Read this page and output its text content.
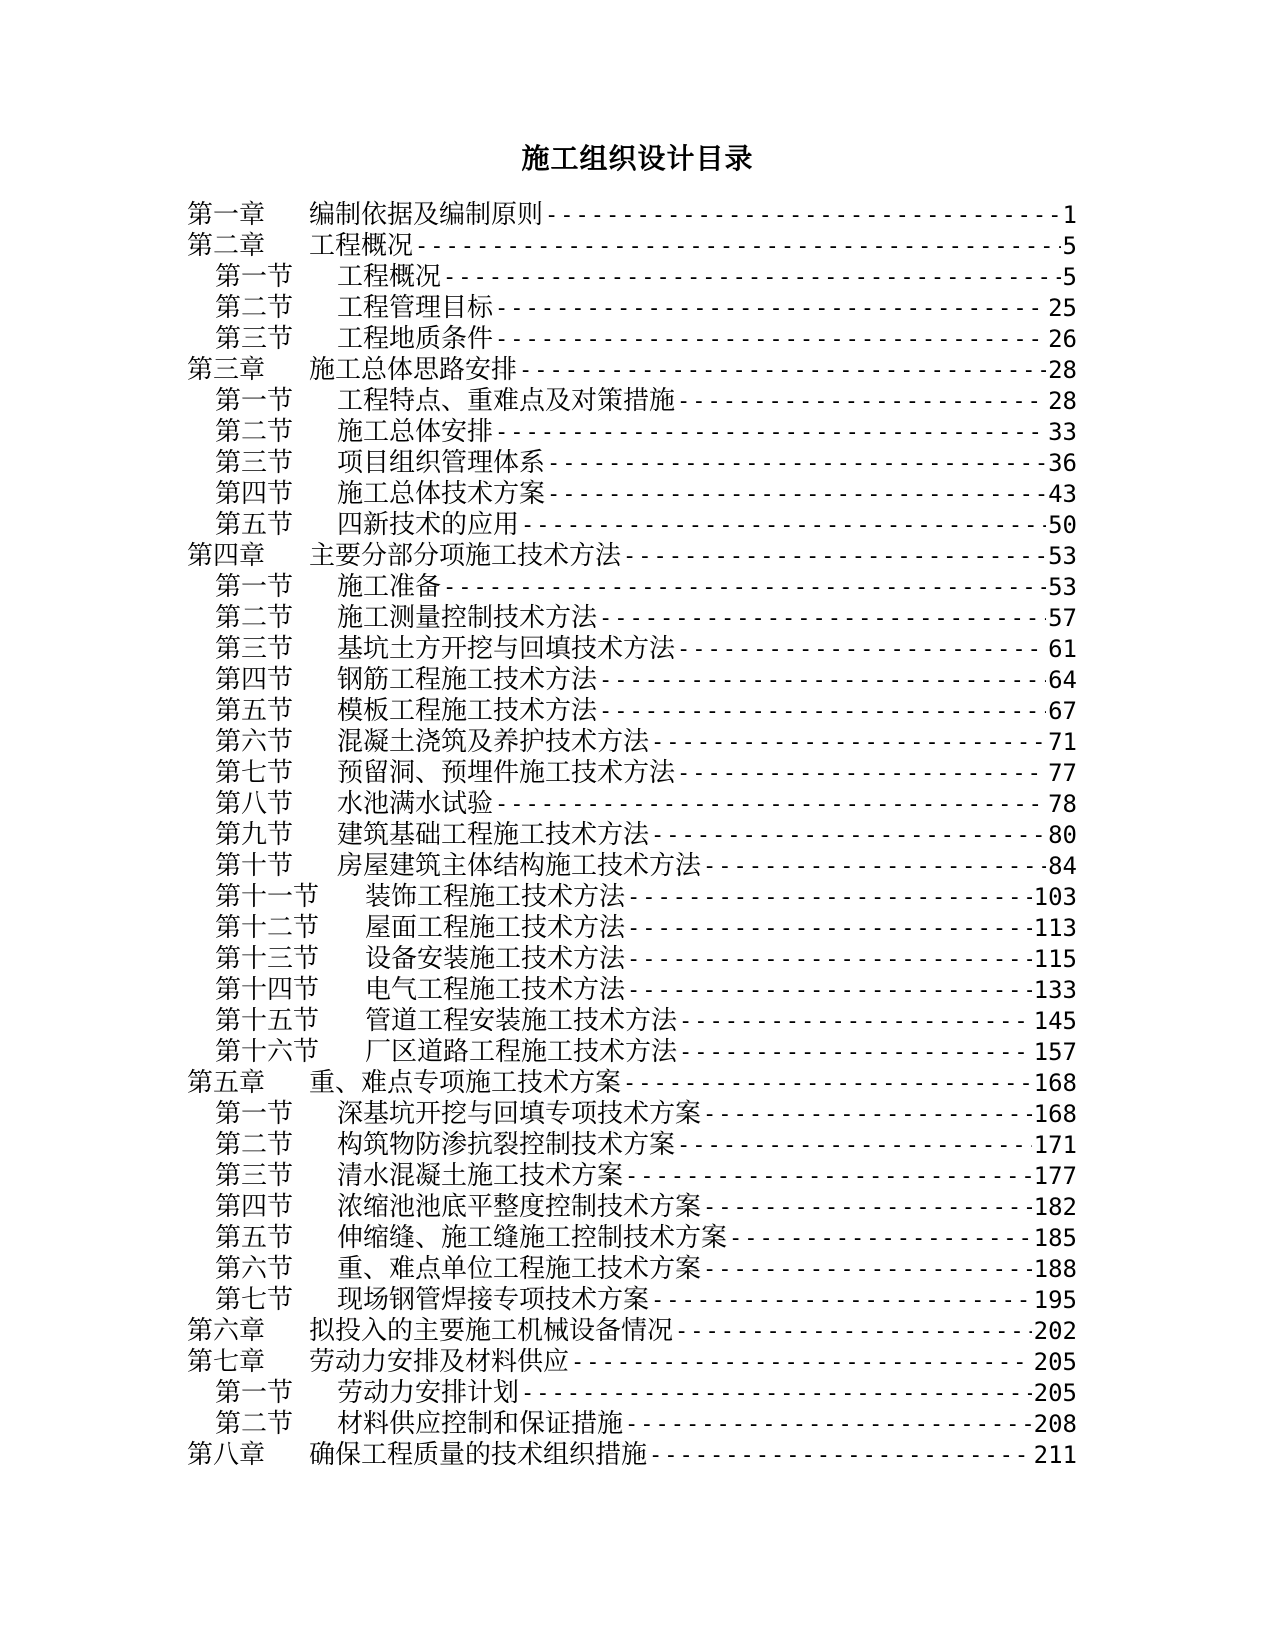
施工组织设计目录
第一章	编制依据及编制原则 -----	1
第二章	工程概况 -----	5
第一节	工程概况 -----	5
第二节	工程管理目标 -----	25
第三节	工程地质条件 -----	26
第三章	施工总体思路安排 -----	28
第一节	工程特点、重难点及对策措施 -----	28
第二节	施工总体安排 -----	33
第三节	项目组织管理体系 -----	36
第四节	施工总体技术方案 -----	43
第五节	四新技术的应用 -----	50
第四章	主要分部分项施工技术方法 -----	53
第一节	施工准备 -----	53
第二节	施工测量控制技术方法 -----	57
第三节	基坑土方开挖与回填技术方法 -----	61
第四节	钢筋工程施工技术方法 -----	64
第五节	模板工程施工技术方法 -----	67
第六节	混凝土浇筑及养护技术方法 -----	71
第七节	预留洞、预埋件施工技术方法 -----	77
第八节	水池满水试验 -----	78
第九节	建筑基础工程施工技术方法 -----	80
第十节	房屋建筑主体结构施工技术方法 -----	84
第十一节	装饰工程施工技术方法 -----	103
第十二节	屋面工程施工技术方法 -----	113
第十三节	设备安装施工技术方法 -----	115
第十四节	电气工程施工技术方法 -----	133
第十五节	管道工程安装施工技术方法 -----	145
第十六节	厂区道路工程施工技术方法 -----	157
第五章	重、难点专项施工技术方案 -----	168
第一节	深基坑开挖与回填专项技术方案 -----	168
第二节	构筑物防渗抗裂控制技术方案 -----	171
第三节	清水混凝土施工技术方案 -----	177
第四节	浓缩池池底平整度控制技术方案 -----	182
第五节	伸缩缝、施工缝施工控制技术方案 -----	185
第六节	重、难点单位工程施工技术方案 -----	188
第七节	现场钢管焊接专项技术方案 -----	195
第六章	拟投入的主要施工机械设备情况 -----	202
第七章	劳动力安排及材料供应 -----	205
第一节	劳动力安排计划 -----	205
第二节	材料供应控制和保证措施 -----	208
第八章	确保工程质量的技术组织措施 -----	211
